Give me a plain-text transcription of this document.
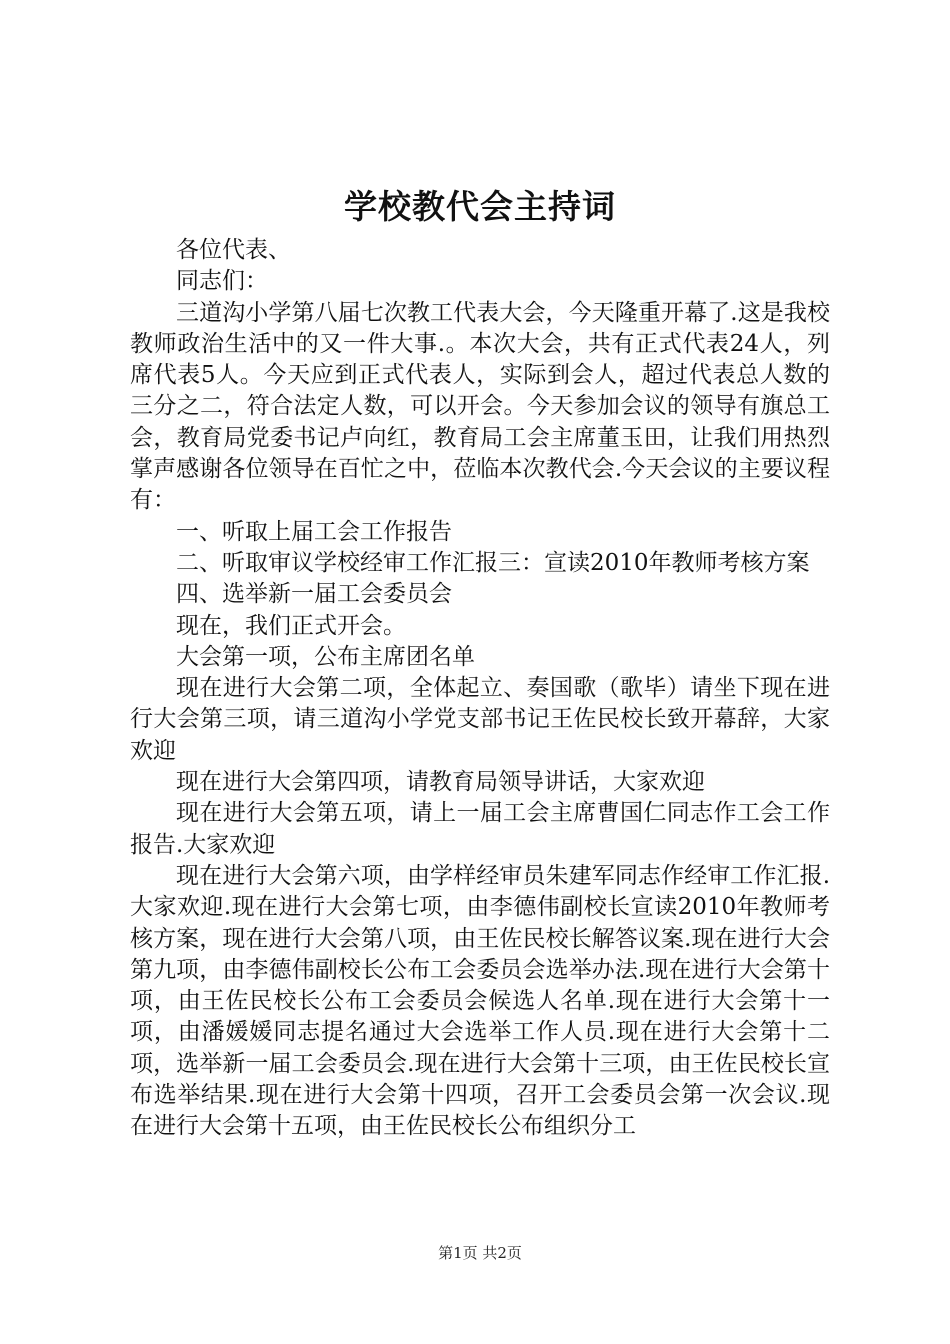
学校教代会主持词

各位代表、

同志们：

三道沟小学第八届七次教工代表大会，今天隆重开幕了.这是我校教师政治生活中的又一件大事.。本次大会，共有正式代表24人，列席代表5人。今天应到正式代表人，实际到会人，超过代表总人数的三分之二，符合法定人数，可以开会。今天参加会议的领导有旗总工会，教育局党委书记卢向红，教育局工会主席董玉田，让我们用热烈掌声感谢各位领导在百忙之中，莅临本次教代会.今天会议的主要议程有：

一、听取上届工会工作报告

二、听取审议学校经审工作汇报三：宣读2010年教师考核方案

四、选举新一届工会委员会

现在，我们正式开会。

大会第一项，公布主席团名单

现在进行大会第二项，全体起立、奏国歌（歌毕）请坐下现在进行大会第三项，请三道沟小学党支部书记王佐民校长致开幕辞，大家欢迎

现在进行大会第四项，请教育局领导讲话，大家欢迎

现在进行大会第五项，请上一届工会主席曹国仁同志作工会工作报告.大家欢迎

现在进行大会第六项，由学样经审员朱建军同志作经审工作汇报.大家欢迎.现在进行大会第七项，由李德伟副校长宣读2010年教师考核方案，现在进行大会第八项，由王佐民校长解答议案.现在进行大会第九项，由李德伟副校长公布工会委员会选举办法.现在进行大会第十项，由王佐民校长公布工会委员会候选人名单.现在进行大会第十一项，由潘媛媛同志提名通过大会选举工作人员.现在进行大会第十二项，选举新一届工会委员会.现在进行大会第十三项，由王佐民校长宣布选举结果.现在进行大会第十四项，召开工会委员会第一次会议.现在进行大会第十五项，由王佐民校长公布组织分工

第1页 共2页
